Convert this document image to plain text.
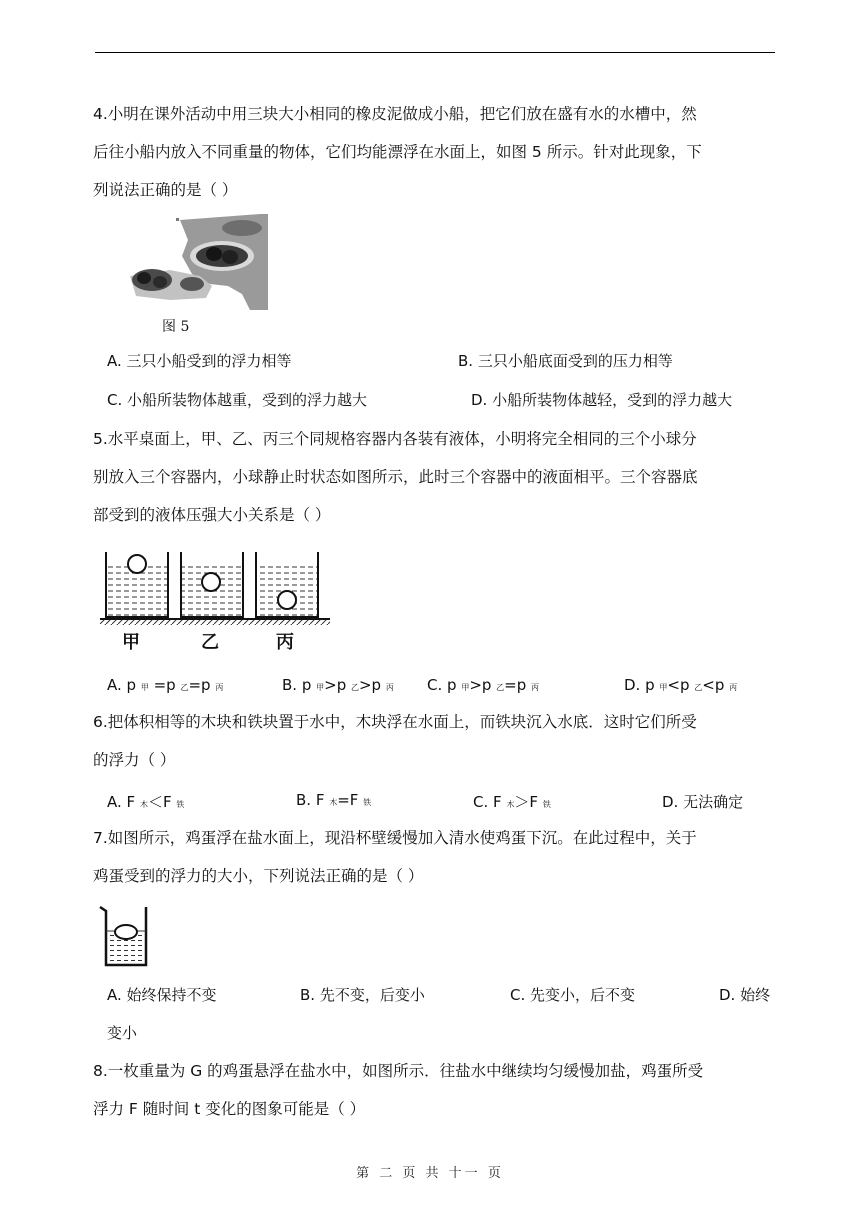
4.小明在课外活动中用三块大小相同的橡皮泥做成小船，把它们放在盛有水的水槽中，然
后往小船内放入不同重量的物体，它们均能漂浮在水面上，如图 5 所示。针对此现象，下
列说法正确的是（ ）
图 5
A. 三只小船受到的浮力相等	B. 三只小船底面受到的压力相等
C. 小船所装物体越重，受到的浮力越大	D. 小船所装物体越轻，受到的浮力越大
5.水平桌面上，甲、乙、丙三个同规格容器内各装有液体，小明将完全相同的三个小球分
别放入三个容器内，小球静止时状态如图所示，此时三个容器中的液面相平。三个容器底
部受到的液体压强大小关系是（ ）
甲	乙	丙
A. p 甲 =p 乙=p 丙	B. p 甲>p 乙>p 丙 C. p 甲>p 乙=p 丙	D. p 甲<p 乙<p 丙
6.把体积相等的木块和铁块置于水中，木块浮在水面上，而铁块沉入水底．这时它们所受
的浮力（ ）
A. F 木＜F 铁	B. F 木=F 铁	C. F 木＞F 铁	D. 无法确定
7.如图所示，鸡蛋浮在盐水面上，现沿杯壁缓慢加入清水使鸡蛋下沉。在此过程中，关于
鸡蛋受到的浮力的大小，下列说法正确的是（ ）
A. 始终保持不变	B. 先不变，后变小	C. 先变小，后不变	D. 始终
变小
8.一枚重量为 G 的鸡蛋悬浮在盐水中，如图所示．往盐水中继续均匀缓慢加盐，鸡蛋所受
浮力 F 随时间 t 变化的图象可能是（ ）
第 二 页 共 十一 页
